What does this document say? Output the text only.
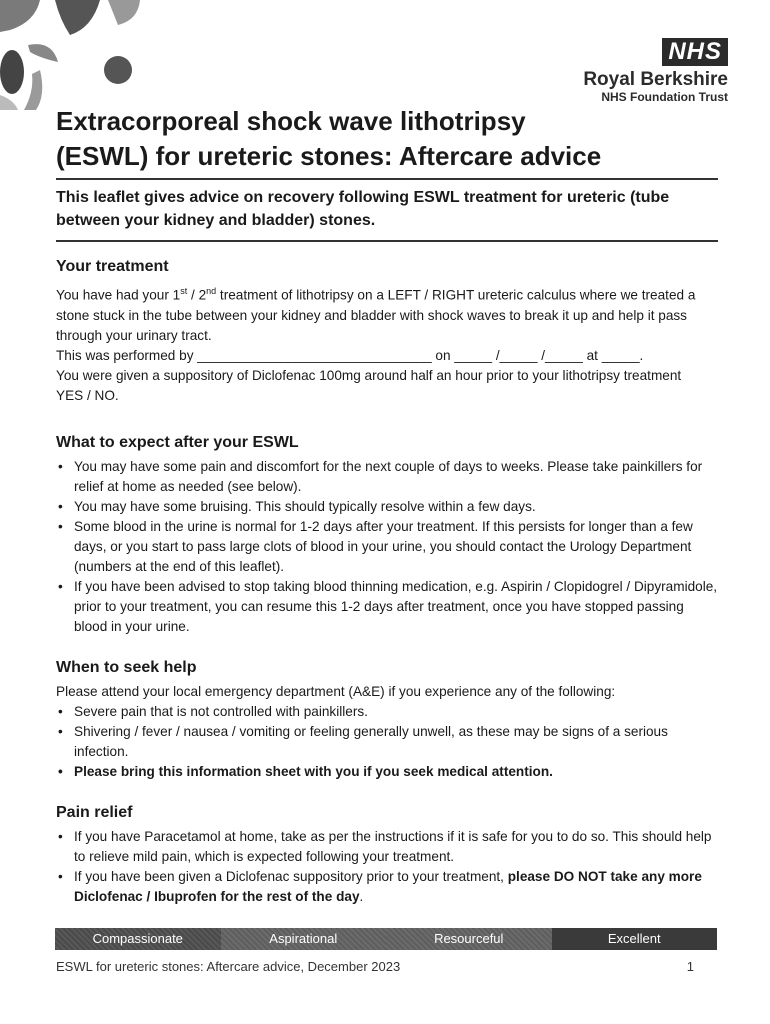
NHS
Royal Berkshire
NHS Foundation Trust
Extracorporeal shock wave lithotripsy
(ESWL) for ureteric stones: Aftercare advice

This leaflet gives advice on recovery following ESWL treatment for ureteric (tube between your kidney and bladder) stones.

Your treatment

You have had your 1st / 2nd treatment of lithotripsy on a LEFT / RIGHT ureteric calculus where we treated a stone stuck in the tube between your kidney and bladder with shock waves to break it up and help it pass through your urinary tract.

This was performed by _______________________________ on _____ /_____ /_____ at _____.

You were given a suppository of Diclofenac 100mg around half an hour prior to your lithotripsy treatment      YES / NO.

What to expect after your ESWL
• You may have some pain and discomfort for the next couple of days to weeks. Please take painkillers for relief at home as needed (see below).
• You may have some bruising. This should typically resolve within a few days.
• Some blood in the urine is normal for 1-2 days after your treatment. If this persists for longer than a few days, or you start to pass large clots of blood in your urine, you should contact the Urology Department (numbers at the end of this leaflet).
• If you have been advised to stop taking blood thinning medication, e.g. Aspirin / Clopidogrel / Dipyramidole, prior to your treatment, you can resume this 1-2 days after treatment, once you have stopped passing blood in your urine.
When to seek help

Please attend your local emergency department (A&E) if you experience any of the following:

• Severe pain that is not controlled with painkillers.
• Shivering / fever / nausea / vomiting or feeling generally unwell, as these may be signs of a serious infection.
• Please bring this information sheet with you if you seek medical attention.
Pain relief
• If you have Paracetamol at home, take as per the instructions if it is safe for you to do so. This should help to relieve mild pain, which is expected following your treatment.
• If you have been given a Diclofenac suppository prior to your treatment, please DO NOT take any more Diclofenac / Ibuprofen for the rest of the day.
Compassionate	Aspirational	Resourceful	Excellent
ESWL for ureteric stones: Aftercare advice, December 2023	1
